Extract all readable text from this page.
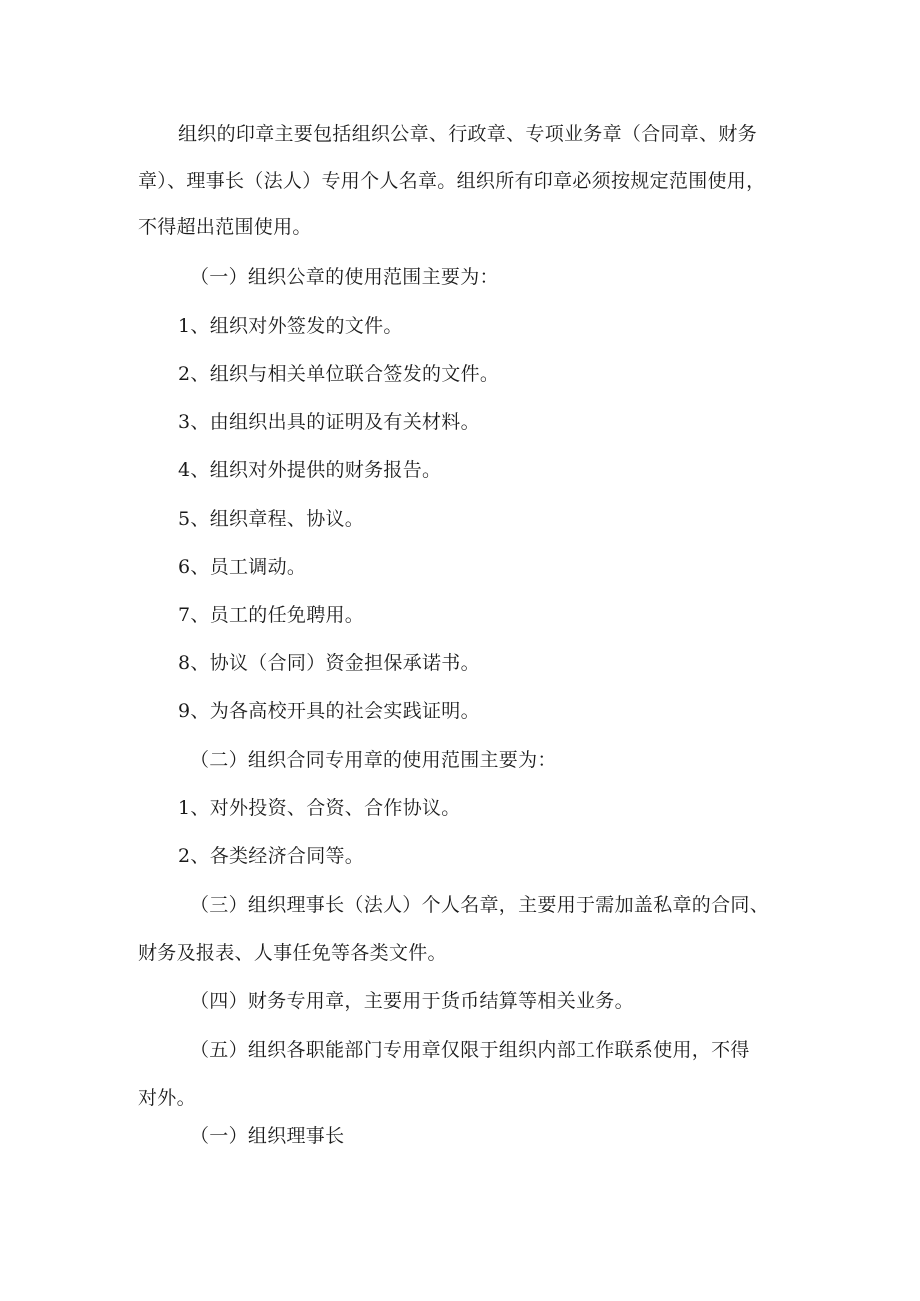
组织的印章主要包括组织公章、行政章、专项业务章（合同章、财务

章）、理事长（法人）专用个人名章。组织所有印章必须按规定范围使用，

不得超出范围使用。

（一）组织公章的使用范围主要为：

1、组织对外签发的文件。

2、组织与相关单位联合签发的文件。

3、由组织出具的证明及有关材料。

4、组织对外提供的财务报告。

5、组织章程、协议。

6、员工调动。

7、员工的任免聘用。

8、协议（合同）资金担保承诺书。

9、为各高校开具的社会实践证明。

（二）组织合同专用章的使用范围主要为：

1、对外投资、合资、合作协议。

2、各类经济合同等。

（三）组织理事长（法人）个人名章，主要用于需加盖私章的合同、

财务及报表、人事任免等各类文件。

（四）财务专用章，主要用于货币结算等相关业务。

（五）组织各职能部门专用章仅限于组织内部工作联系使用，不得

对外。

（一）组织理事长
